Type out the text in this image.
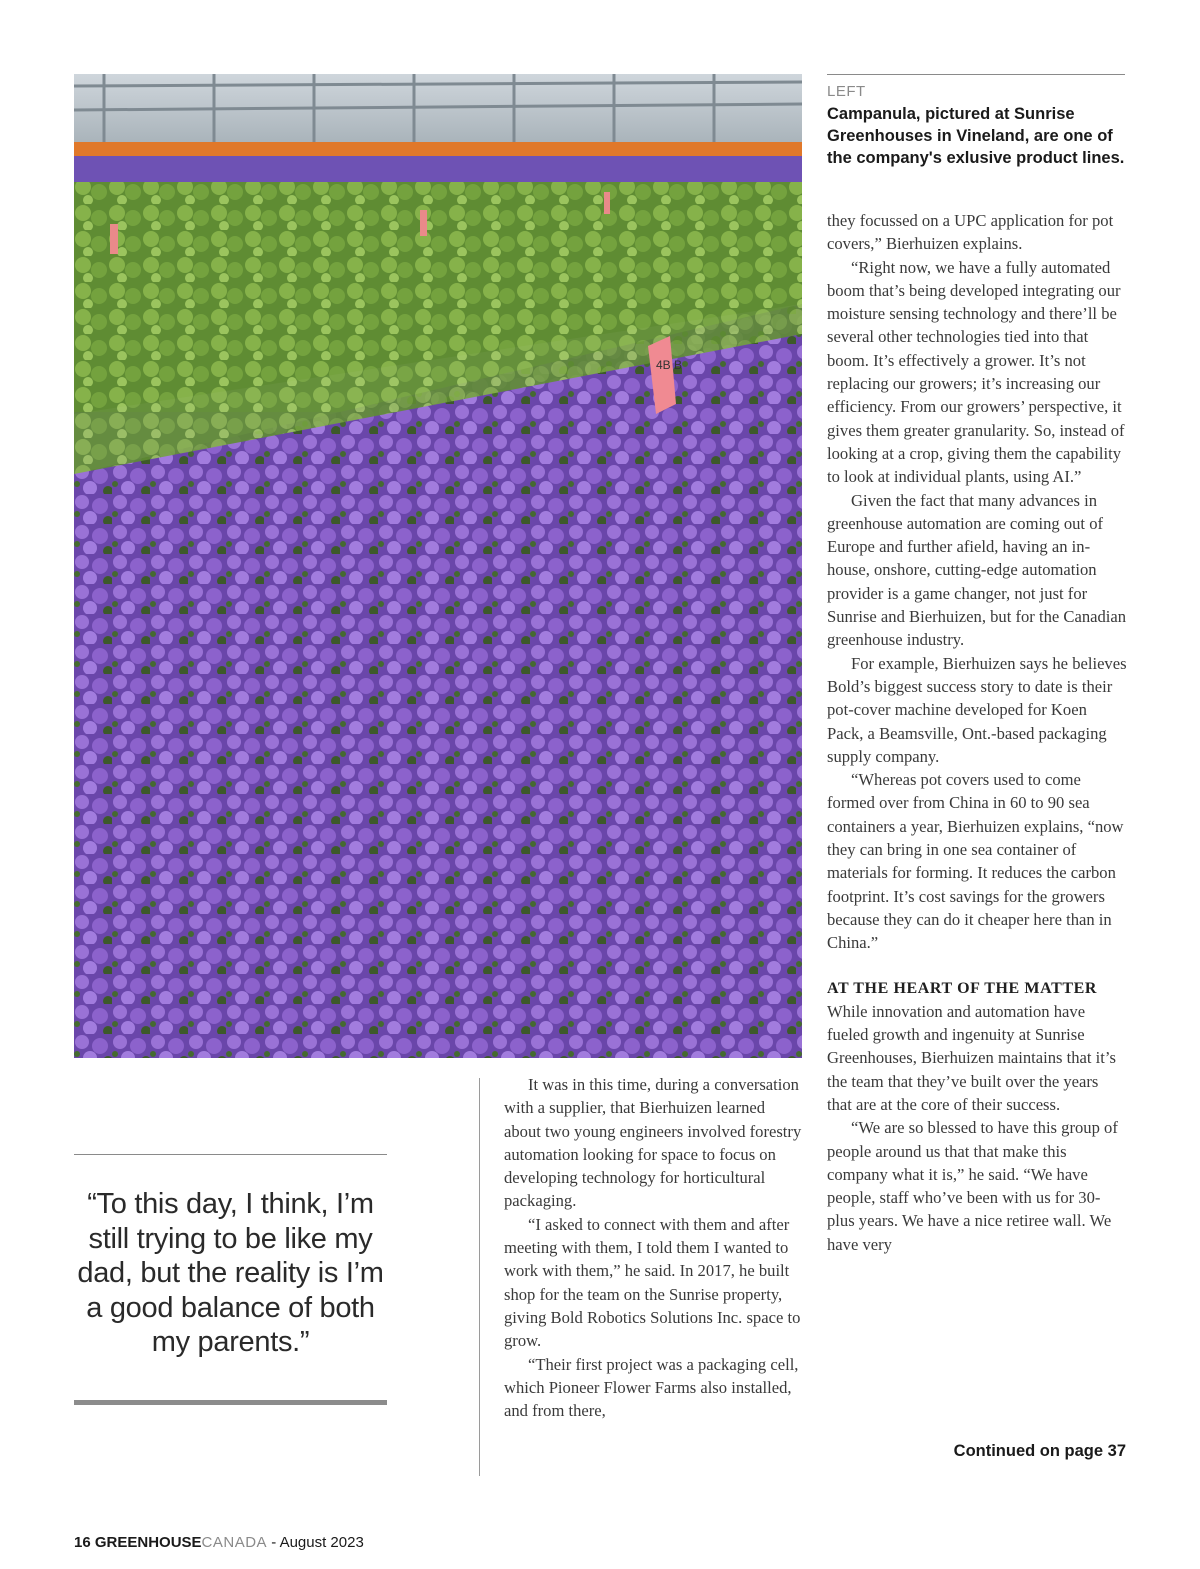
4B B
LEFT
Campanula, pictured at Sunrise Greenhouses in Vineland, are one of the company's exlusive product lines.

they focussed on a UPC application for pot covers,” Bierhuizen explains.

“Right now, we have a fully automated boom that’s being developed integrating our moisture sensing technology and there’ll be several other technologies tied into that boom. It’s effectively a grower. It’s not replacing our growers; it’s increasing our efficiency. From our growers’ perspective, it gives them greater granularity. So, instead of looking at a crop, giving them the capability to look at individual plants, using AI.”

Given the fact that many advances in greenhouse automation are coming out of Europe and further afield, having an in-house, onshore, cutting-edge automation provider is a game changer, not just for Sunrise and Bierhuizen, but for the Canadian greenhouse industry.

For example, Bierhuizen says he believes Bold’s biggest success story to date is their pot-cover machine developed for Koen Pack, a Beamsville, Ont.-based packaging supply company.

“Whereas pot covers used to come formed over from China in 60 to 90 sea containers a year, Bierhuizen explains, “now they can bring in one sea container of materials for forming. It reduces the carbon footprint. It’s cost savings for the growers because they can do it cheaper here than in China.”

AT THE HEART OF THE MATTER

While innovation and automation have fueled growth and ingenuity at Sunrise Greenhouses, Bierhuizen maintains that it’s the team that they’ve built over the years that are at the core of their success.

“We are so blessed to have this group of people around us that that make this company what it is,” he said. “We have people, staff who’ve been with us for 30-plus years. We have a nice retiree wall. We have very

It was in this time, during a conversation with a supplier, that Bierhuizen learned about two young engineers involved forestry automation looking for space to focus on developing technology for horticultural packaging.

“I asked to connect with them and after meeting with them, I told them I wanted to work with them,” he said. In 2017, he built shop for the team on the Sunrise property, giving Bold Robotics Solutions Inc. space to grow.

“Their first project was a packaging cell, which Pioneer Flower Farms also installed, and from there,

“To this day, I think, I’m still trying to be like my dad, but the reality is I’m a good balance of both my parents.”
Continued on page 37
16 GREENHOUSECANADA - August 2023
